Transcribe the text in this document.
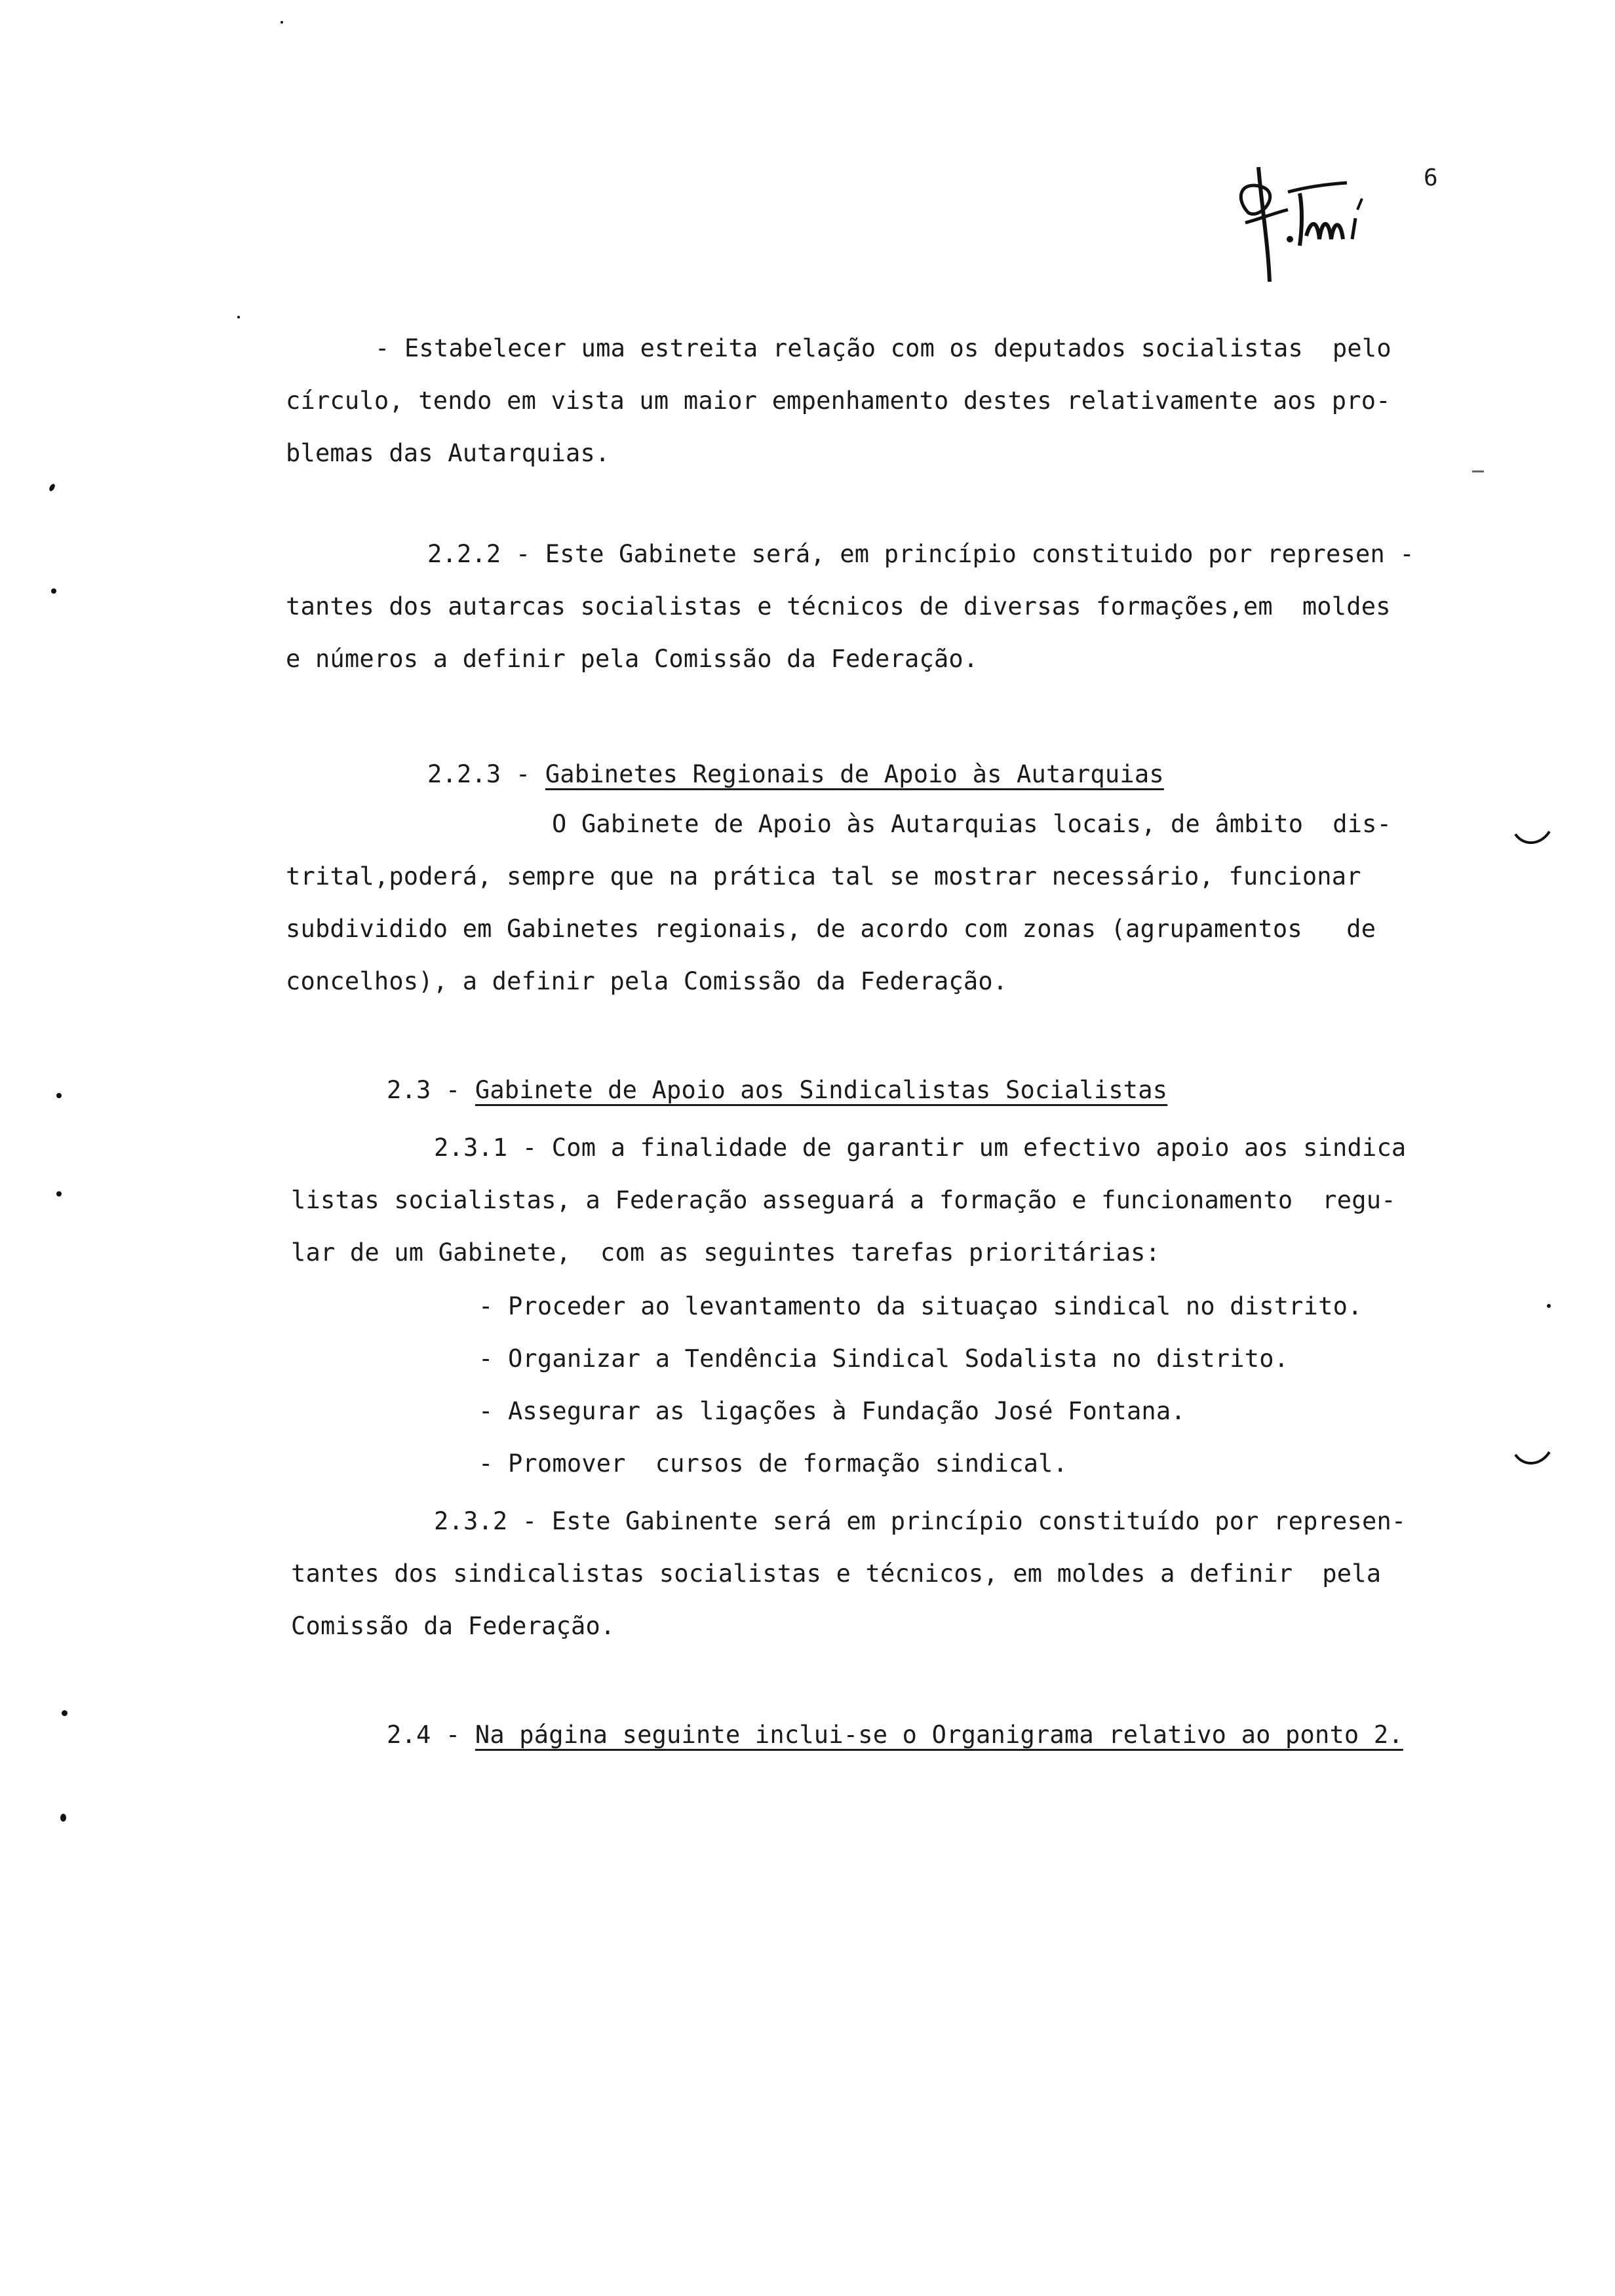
6
- Estabelecer uma estreita relação com os deputados socialistas  pelo
círculo, tendo em vista um maior empenhamento destes relativamente aos pro-
blemas das Autarquias.
2.2.2 - Este Gabinete será, em princípio constituido por represen -
tantes dos autarcas socialistas e técnicos de diversas formações,em  moldes
e números a definir pela Comissão da Federação.
2.2.3 - Gabinetes Regionais de Apoio às Autarquias
O Gabinete de Apoio às Autarquias locais, de âmbito  dis-
trital,poderá, sempre que na prática tal se mostrar necessário, funcionar
subdividido em Gabinetes regionais, de acordo com zonas (agrupamentos   de
concelhos), a definir pela Comissão da Federação.
2.3 - Gabinete de Apoio aos Sindicalistas Socialistas
2.3.1 - Com a finalidade de garantir um efectivo apoio aos sindica
listas socialistas, a Federação asseguará a formação e funcionamento  regu-
lar de um Gabinete,  com as seguintes tarefas prioritárias:
- Proceder ao levantamento da situaçao sindical no distrito.
- Organizar a Tendência Sindical Sodalista no distrito.
- Assegurar as ligações à Fundação José Fontana.
- Promover  cursos de formação sindical.
2.3.2 - Este Gabinente será em princípio constituído por represen-
tantes dos sindicalistas socialistas e técnicos, em moldes a definir  pela
Comissão da Federação.
2.4 - Na página seguinte inclui-se o Organigrama relativo ao ponto 2.
